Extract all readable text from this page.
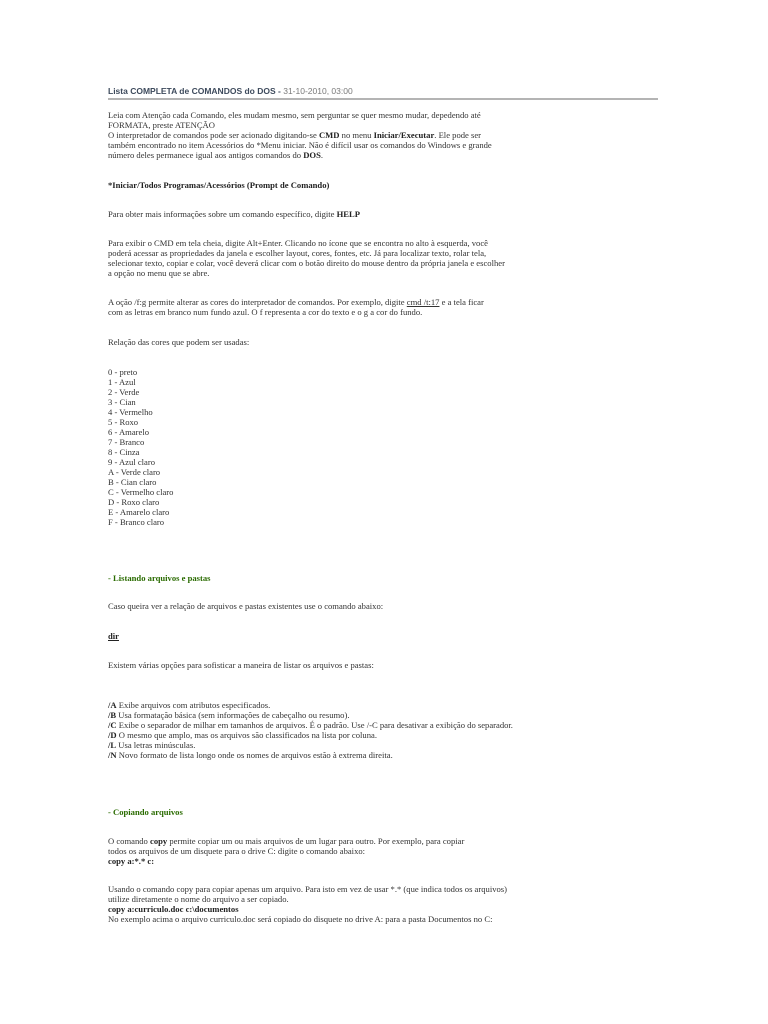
Lista COMPLETA de COMANDOS do DOS - 31-10-2010, 03:00

Leia com Atenção cada Comando, eles mudam mesmo, sem perguntar se quer mesmo mudar, depedendo até

FORMATA, preste ATENÇÃO

O interpretador de comandos pode ser acionado digitando-se CMD no menu Iniciar/Executar. Ele pode ser

também encontrado no item Acessórios do *Menu iniciar. Não é difícil usar os comandos do Windows e grande

número deles permanece igual aos antigos comandos do DOS.

*Iniciar/Todos Programas/Acessórios (Prompt de Comando)

Para obter mais informações sobre um comando específico, digite HELP

Para exibir o CMD em tela cheia, digite Alt+Enter. Clicando no ícone que se encontra no alto à esquerda, você

poderá acessar as propriedades da janela e escolher layout, cores, fontes, etc. Já para localizar texto, rolar tela,

selecionar texto, copiar e colar, você deverá clicar com o botão direito do mouse dentro da própria janela e escolher

a opção no menu que se abre.

A oção /f:g permite alterar as cores do interpretador de comandos. Por exemplo, digite cmd /t:17 e a tela ficar

com as letras em branco num fundo azul. O f representa a cor do texto e o g a cor do fundo.

Relação das cores que podem ser usadas:

0 - preto

1 - Azul

2 - Verde

3 - Cian

4 - Vermelho

5 - Roxo

6 - Amarelo

7 - Branco

8 - Cinza

9 - Azul claro

A - Verde claro

B - Cian claro

C - Vermelho claro

D - Roxo claro

E - Amarelo claro

F - Branco claro

- Listando arquivos e pastas

Caso queira ver a relação de arquivos e pastas existentes use o comando abaixo:

dir

Existem várias opções para sofisticar a maneira de listar os arquivos e pastas:

/A Exibe arquivos com atributos especificados.

/B Usa formatação básica (sem informações de cabeçalho ou resumo).

/C Exibe o separador de milhar em tamanhos de arquivos. É o padrão. Use /-C para desativar a exibição do separador.

/D O mesmo que amplo, mas os arquivos são classificados na lista por coluna.

/L Usa letras minúsculas.

/N Novo formato de lista longo onde os nomes de arquivos estão à extrema direita.

- Copiando arquivos

O comando copy permite copiar um ou mais arquivos de um lugar para outro. Por exemplo, para copiar

todos os arquivos de um disquete para o drive C: digite o comando abaixo:

copy a:*.* c:

Usando o comando copy para copiar apenas um arquivo. Para isto em vez de usar *.* (que indica todos os arquivos)

utilize diretamente o nome do arquivo a ser copiado.

copy a:curriculo.doc c:\documentos

No exemplo acima o arquivo curriculo.doc será copiado do disquete no drive A: para a pasta Documentos no C:
